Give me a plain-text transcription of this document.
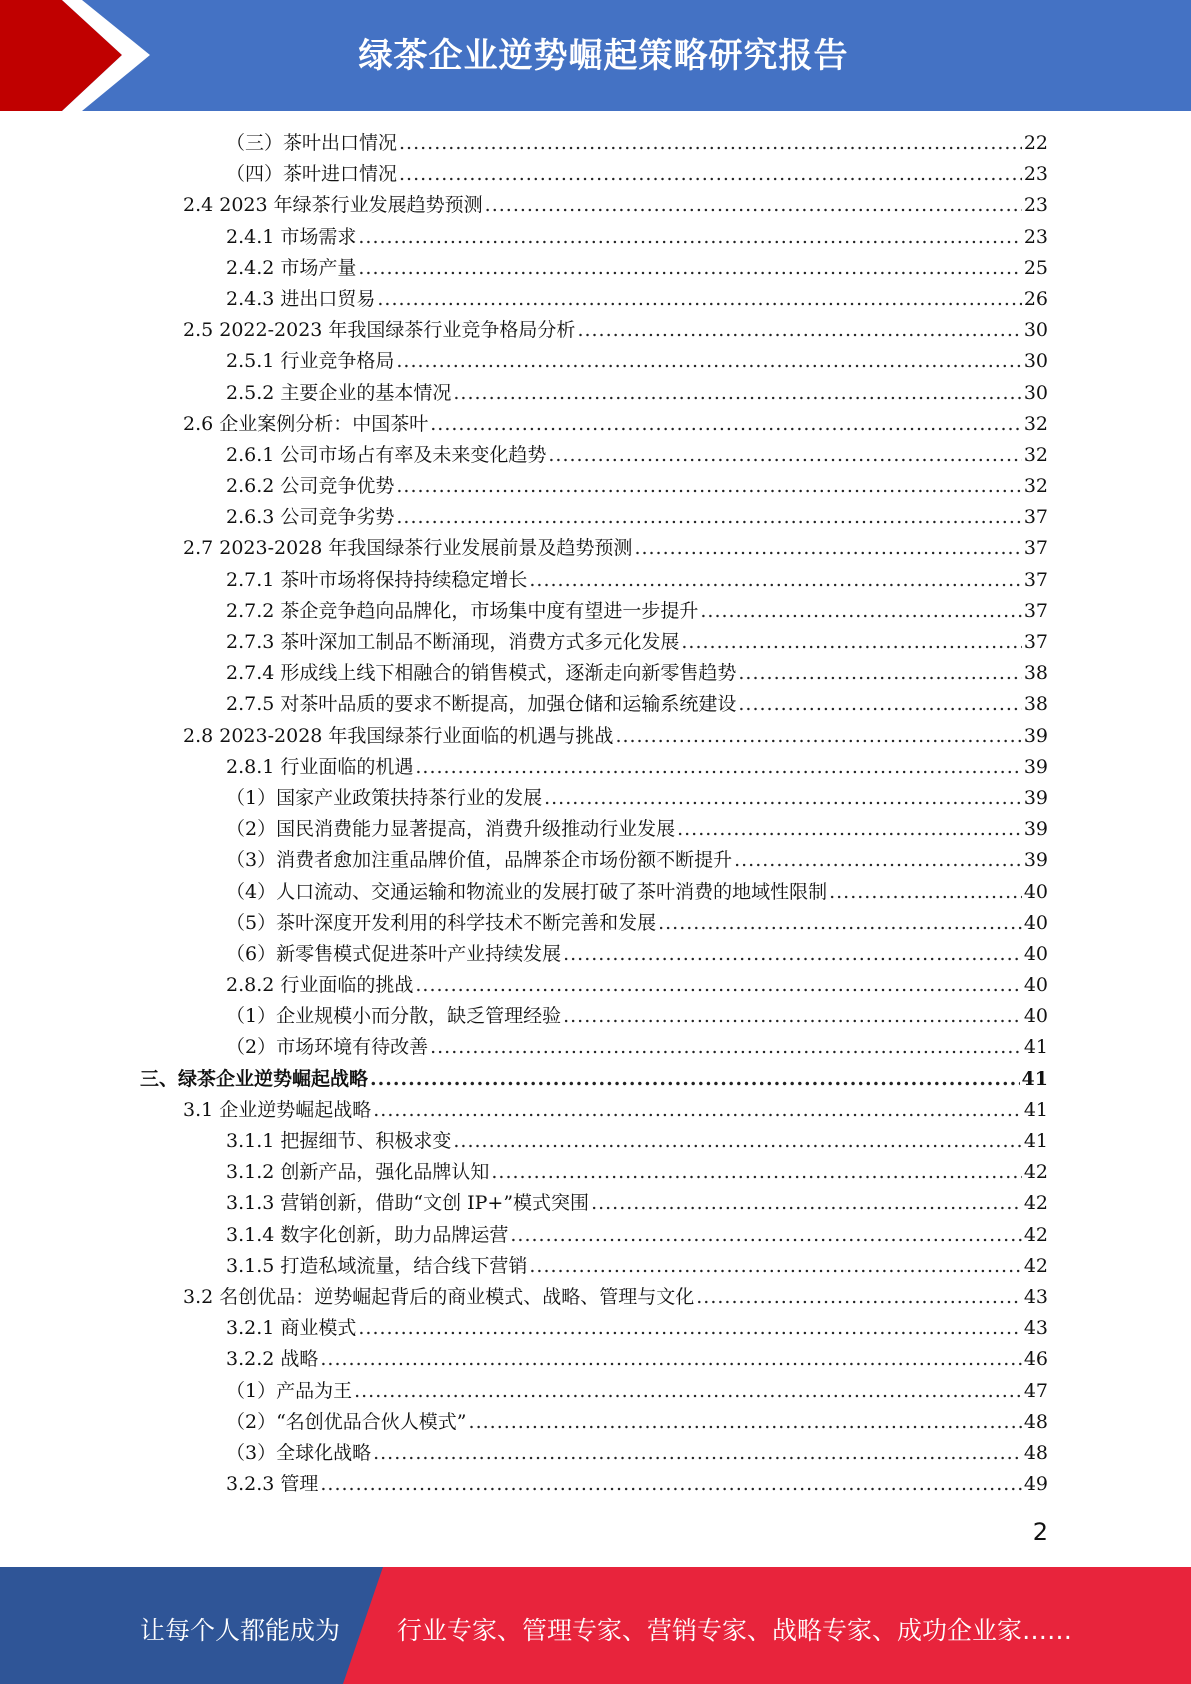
绿茶企业逆势崛起策略研究报告
（三）茶叶出口情况 .....	22
（四）茶叶进口情况 .....	23
2.4 2023 年绿茶行业发展趋势预测 .....	23
2.4.1 市场需求 .....	23
2.4.2 市场产量 .....	25
2.4.3 进出口贸易 .....	26
2.5 2022-2023 年我国绿茶行业竞争格局分析 .....	30
2.5.1 行业竞争格局 .....	30
2.5.2 主要企业的基本情况 .....	30
2.6 企业案例分析：中国茶叶 .....	32
2.6.1 公司市场占有率及未来变化趋势 .....	32
2.6.2 公司竞争优势 .....	32
2.6.3 公司竞争劣势 .....	37
2.7 2023-2028 年我国绿茶行业发展前景及趋势预测 .....	37
2.7.1 茶叶市场将保持持续稳定增长 .....	37
2.7.2 茶企竞争趋向品牌化，市场集中度有望进一步提升 .....	37
2.7.3 茶叶深加工制品不断涌现，消费方式多元化发展 .....	37
2.7.4 形成线上线下相融合的销售模式，逐渐走向新零售趋势 .....	38
2.7.5 对茶叶品质的要求不断提高，加强仓储和运输系统建设 .....	38
2.8 2023-2028 年我国绿茶行业面临的机遇与挑战 .....	39
2.8.1 行业面临的机遇 .....	39
（1）国家产业政策扶持茶行业的发展 .....	39
（2）国民消费能力显著提高，消费升级推动行业发展 .....	39
（3）消费者愈加注重品牌价值，品牌茶企市场份额不断提升 .....	39
（4）人口流动、交通运输和物流业的发展打破了茶叶消费的地域性限制 .....	40
（5）茶叶深度开发利用的科学技术不断完善和发展 .....	40
（6）新零售模式促进茶叶产业持续发展 .....	40
2.8.2 行业面临的挑战 .....	40
（1）企业规模小而分散，缺乏管理经验 .....	40
（2）市场环境有待改善 .....	41
三、绿茶企业逆势崛起战略 .....	41
3.1 企业逆势崛起战略 .....	41
3.1.1 把握细节、积极求变 .....	41
3.1.2 创新产品，强化品牌认知 .....	42
3.1.3 营销创新，借助“文创 IP+”模式突围 .....	42
3.1.4 数字化创新，助力品牌运营 .....	42
3.1.5 打造私域流量，结合线下营销 .....	42
3.2 名创优品：逆势崛起背后的商业模式、战略、管理与文化 .....	43
3.2.1 商业模式 .....	43
3.2.2 战略 .....	46
（1）产品为王 .....	47
（2）“名创优品合伙人模式” .....	48
（3）全球化战略 .....	48
3.2.3 管理 .....	49
2
让每个人都能成为 行业专家、管理专家、营销专家、战略专家、成功企业家……
